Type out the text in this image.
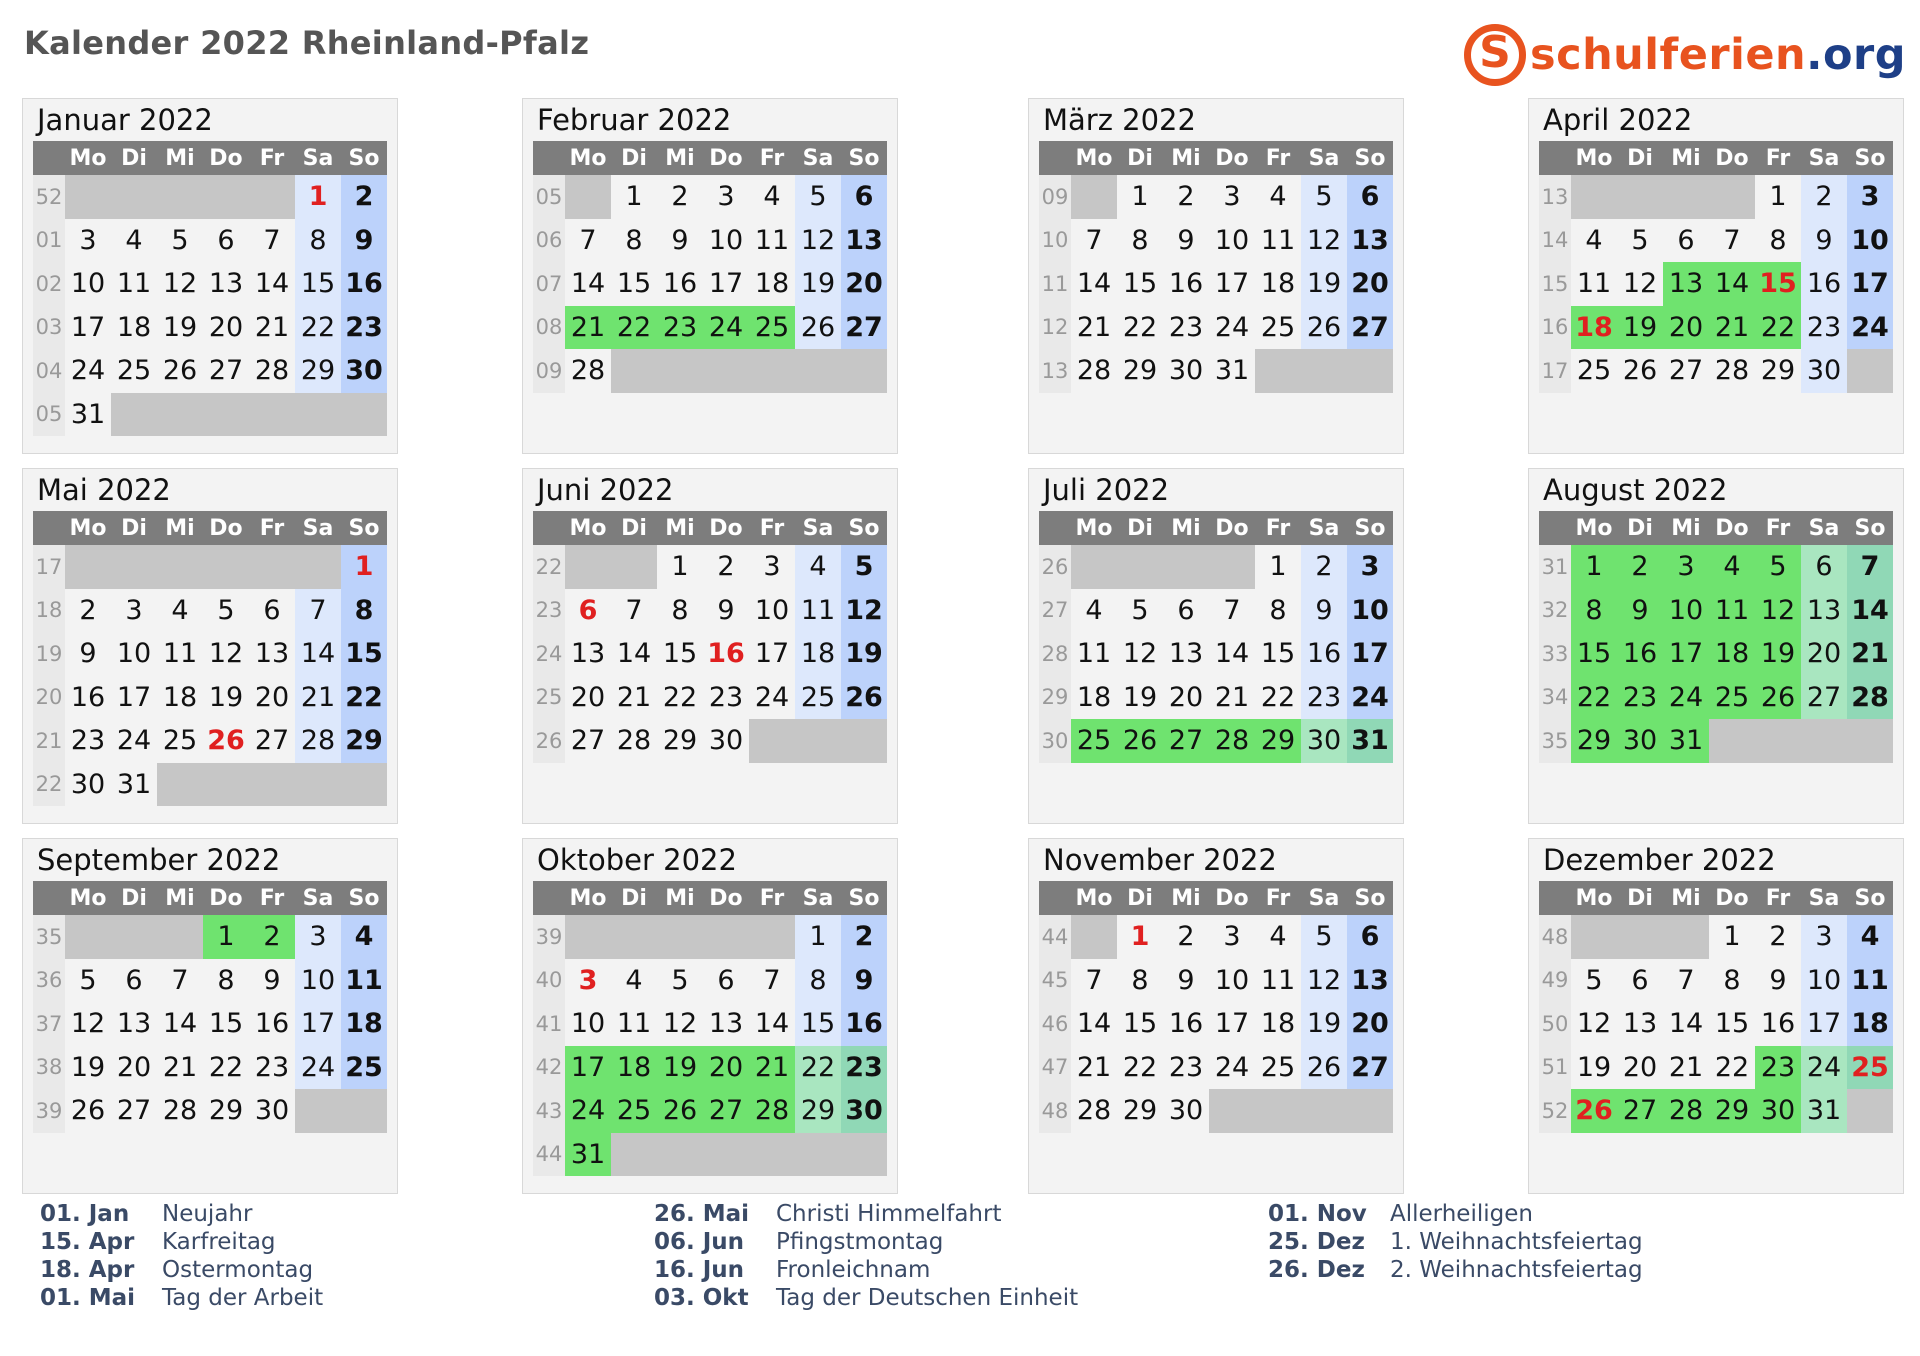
Kalender 2022 Rheinland-Pfalz S	schulferien .org
Januar 2022
	Mo	Di	Mi	Do	Fr	Sa	So
52						1	2
01	3	4	5	6	7	8	9
02	10	11	12	13	14	15	16
03	17	18	19	20	21	22	23
04	24	25	26	27	28	29	30
05	31						
Februar 2022
	Mo	Di	Mi	Do	Fr	Sa	So
05		1	2	3	4	5	6
06	7	8	9	10	11	12	13
07	14	15	16	17	18	19	20
08	21	22	23	24	25	26	27
09	28						
März 2022
	Mo	Di	Mi	Do	Fr	Sa	So
09		1	2	3	4	5	6
10	7	8	9	10	11	12	13
11	14	15	16	17	18	19	20
12	21	22	23	24	25	26	27
13	28	29	30	31			
April 2022
	Mo	Di	Mi	Do	Fr	Sa	So
13					1	2	3
14	4	5	6	7	8	9	10
15	11	12	13	14	15	16	17
16	18	19	20	21	22	23	24
17	25	26	27	28	29	30	
Mai 2022
	Mo	Di	Mi	Do	Fr	Sa	So
17							1
18	2	3	4	5	6	7	8
19	9	10	11	12	13	14	15
20	16	17	18	19	20	21	22
21	23	24	25	26	27	28	29
22	30	31					
Juni 2022
	Mo	Di	Mi	Do	Fr	Sa	So
22			1	2	3	4	5
23	6	7	8	9	10	11	12
24	13	14	15	16	17	18	19
25	20	21	22	23	24	25	26
26	27	28	29	30			
Juli 2022
	Mo	Di	Mi	Do	Fr	Sa	So
26					1	2	3
27	4	5	6	7	8	9	10
28	11	12	13	14	15	16	17
29	18	19	20	21	22	23	24
30	25	26	27	28	29	30	31
August 2022
	Mo	Di	Mi	Do	Fr	Sa	So
31	1	2	3	4	5	6	7
32	8	9	10	11	12	13	14
33	15	16	17	18	19	20	21
34	22	23	24	25	26	27	28
35	29	30	31				
September 2022
	Mo	Di	Mi	Do	Fr	Sa	So
35				1	2	3	4
36	5	6	7	8	9	10	11
37	12	13	14	15	16	17	18
38	19	20	21	22	23	24	25
39	26	27	28	29	30		
Oktober 2022
	Mo	Di	Mi	Do	Fr	Sa	So
39						1	2
40	3	4	5	6	7	8	9
41	10	11	12	13	14	15	16
42	17	18	19	20	21	22	23
43	24	25	26	27	28	29	30
44	31						
November 2022
	Mo	Di	Mi	Do	Fr	Sa	So
44		1	2	3	4	5	6
45	7	8	9	10	11	12	13
46	14	15	16	17	18	19	20
47	21	22	23	24	25	26	27
48	28	29	30				
Dezember 2022
	Mo	Di	Mi	Do	Fr	Sa	So
48				1	2	3	4
49	5	6	7	8	9	10	11
50	12	13	14	15	16	17	18
51	19	20	21	22	23	24	25
52	26	27	28	29	30	31	
01. Jan	Neujahr
15. Apr	Karfreitag
18. Apr	Ostermontag
01. Mai	Tag der Arbeit
26. Mai	Christi Himmelfahrt
06. Jun	Pfingstmontag
16. Jun	Fronleichnam
03. Okt	Tag der Deutschen Einheit
01. Nov	Allerheiligen
25. Dez	1. Weihnachtsfeiertag
26. Dez	2. Weihnachtsfeiertag
